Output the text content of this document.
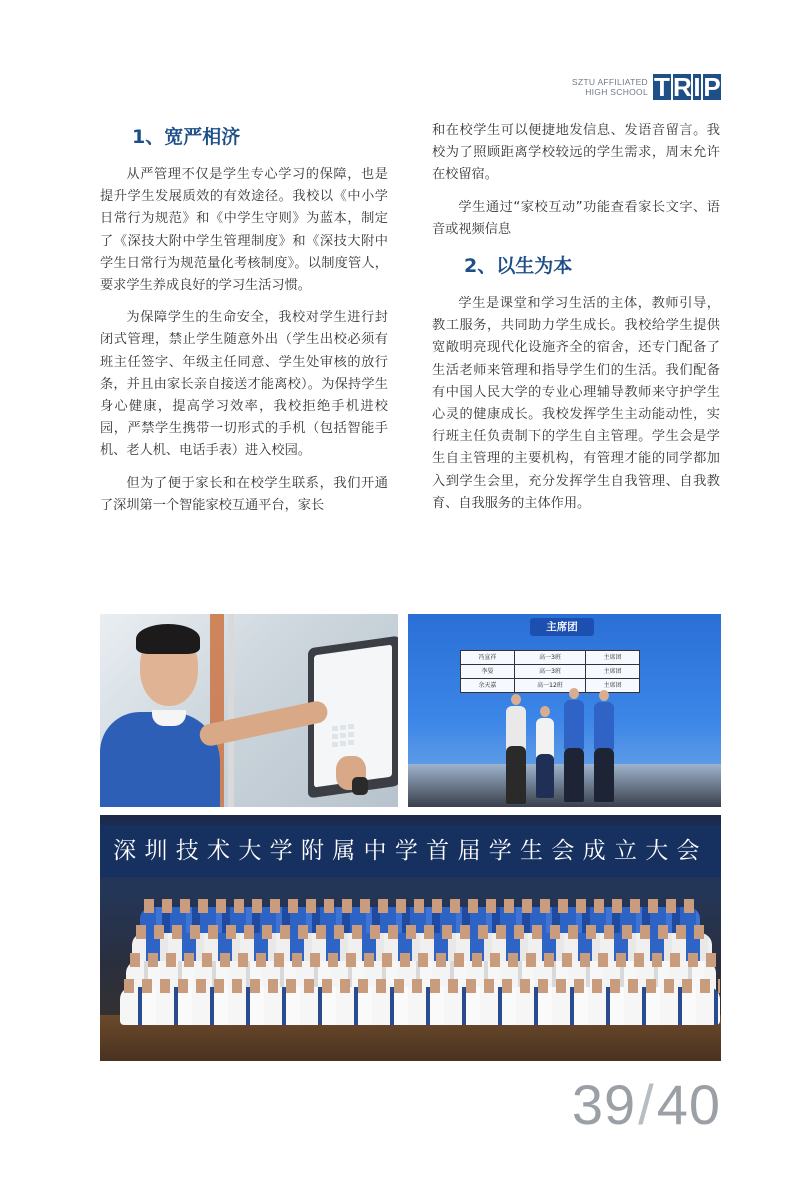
SZTU AFFILIATED
HIGH SCHOOL T R I P
1、宽严相济

从严管理不仅是学生专心学习的保障，也是提升学生发展质效的有效途径。我校以《中小学日常行为规范》和《中学生守则》为蓝本，制定了《深技大附中学生管理制度》和《深技大附中学生日常行为规范量化考核制度》。以制度管人，要求学生养成良好的学习生活习惯。

为保障学生的生命安全，我校对学生进行封闭式管理，禁止学生随意外出（学生出校必须有班主任签字、年级主任同意、学生处审核的放行条，并且由家长亲自接送才能离校）。为保持学生身心健康，提高学习效率，我校拒绝手机进校园，严禁学生携带一切形式的手机（包括智能手机、老人机、电话手表）进入校园。

但为了便于家长和在校学生联系，我们开通了深圳第一个智能家校互通平台，家长

和在校学生可以便捷地发信息、发语音留言。我校为了照顾距离学校较远的学生需求，周末允许在校留宿。

学生通过“家校互动”功能查看家长文字、语音或视频信息

2、以生为本

学生是课堂和学习生活的主体，教师引导，教工服务，共同助力学生成长。我校给学生提供宽敞明亮现代化设施齐全的宿舍，还专门配备了生活老师来管理和指导学生们的生活。我们配备有中国人民大学的专业心理辅导教师来守护学生心灵的健康成长。我校发挥学生主动能动性，实行班主任负责制下的学生自主管理。学生会是学生自主管理的主要机构，有管理才能的同学都加入到学生会里，充分发挥学生自我管理、自我教育、自我服务的主体作用。

主席团
冯宣祥	高一3班	主席团
李晏	高一3班	主席团
余天嘉	高一12班	主席团
深圳技术大学附属中学首届学生会成立大会
39/40
